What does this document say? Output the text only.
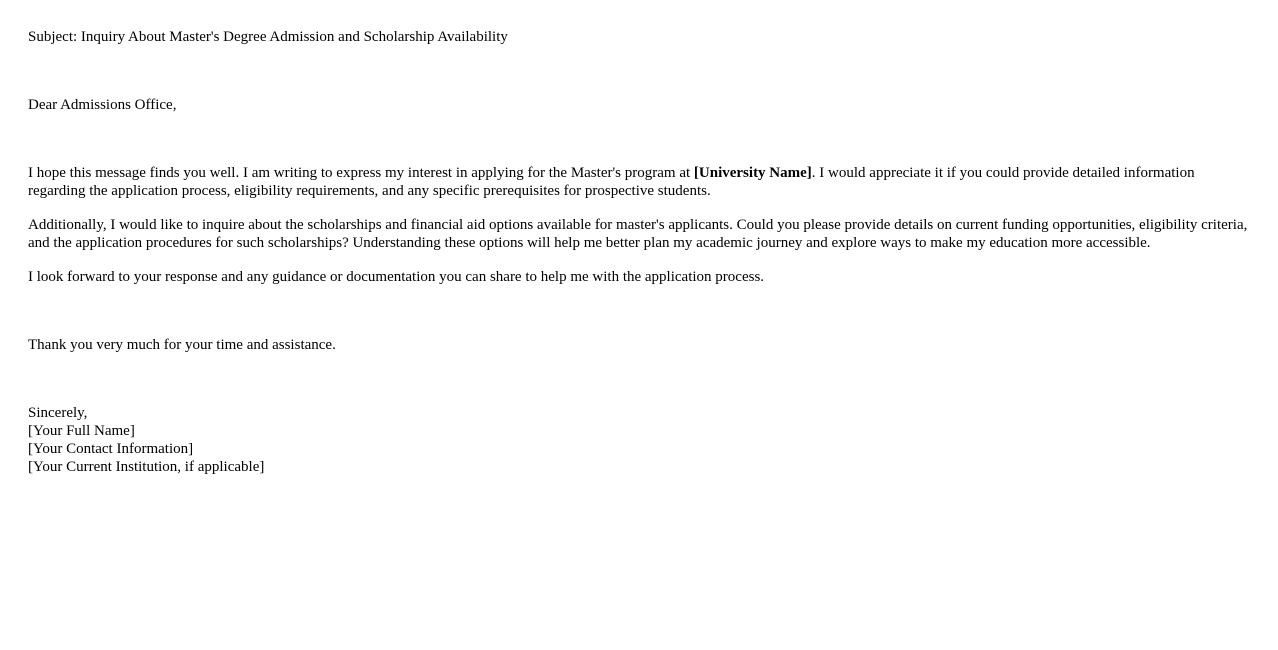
Subject: Inquiry About Master's Degree Admission and Scholarship Availability

Dear Admissions Office,

I hope this message finds you well. I am writing to express my interest in applying for the Master's program at [University Name]. I would appreciate it if you could provide detailed information regarding the application process, eligibility requirements, and any specific prerequisites for prospective students.

Additionally, I would like to inquire about the scholarships and financial aid options available for master's applicants. Could you please provide details on current funding opportunities, eligibility criteria, and the application procedures for such scholarships? Understanding these options will help me better plan my academic journey and explore ways to make my education more accessible.

I look forward to your response and any guidance or documentation you can share to help me with the application process.

Thank you very much for your time and assistance.

Sincerely,
[Your Full Name]
[Your Contact Information]
[Your Current Institution, if applicable]
